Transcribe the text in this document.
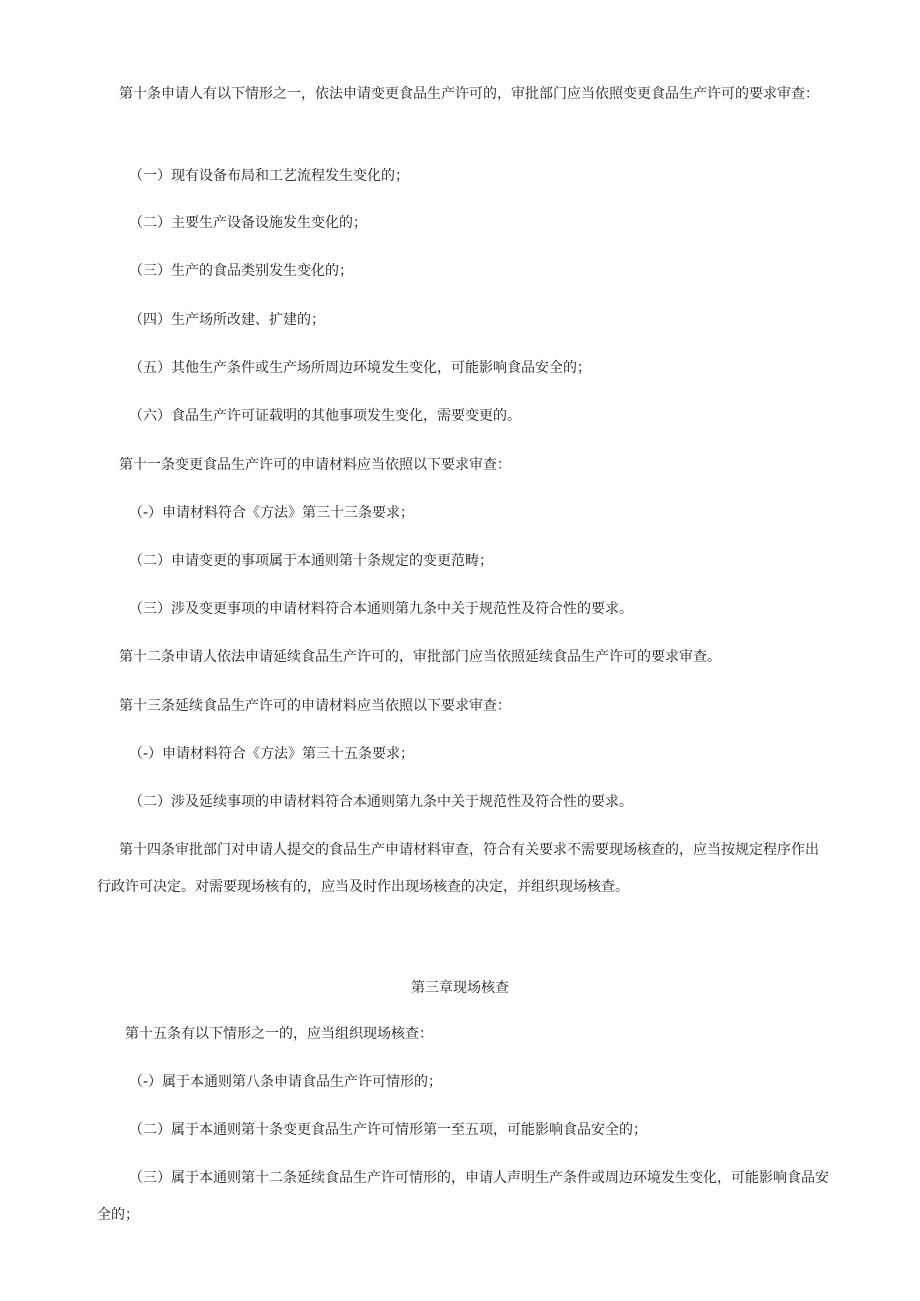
第十条申请人有以下情形之一，依法申请变更食品生产许可的，审批部门应当依照变更食品生产许可的要求审查：

（一）现有设备布局和工艺流程发生变化的；

（二）主要生产设备设施发生变化的；

（三）生产的食品类别发生变化的；

（四）生产场所改建、扩建的；

（五）其他生产条件或生产场所周边环境发生变化，可能影响食品安全的；

（六）食品生产许可证载明的其他事项发生变化，需要变更的。

第十一条变更食品生产许可的申请材料应当依照以下要求审查：

（-）申请材料符合《方法》第三十三条要求；

（二）申请变更的事项属于本通则第十条规定的变更范畴；

（三）涉及变更事项的申请材料符合本通则第九条中关于规范性及符合性的要求。

第十二条申请人依法申请延续食品生产许可的，审批部门应当依照延续食品生产许可的要求审查。

第十三条延续食品生产许可的申请材料应当依照以下要求审查：

（-）申请材料符合《方法》第三十五条要求；

（二）涉及延续事项的申请材料符合本通则第九条中关于规范性及符合性的要求。

第十四条审批部门对申请人提交的食品生产申请材料审查，符合有关要求不需要现场核查的，应当按规定程序作出行政许可决定。对需要现场核有的，应当及时作出现场核查的决定，并组织现场核查。

第三章现场核查

第十五条有以下情形之一的，应当组织现场核查：

（-）属于本通则第八条申请食品生产许可情形的；

（二）属于本通则第十条变更食品生产许可情形第一至五项，可能影响食品安全的；

（三）属于本通则第十二条延续食品生产许可情形的，申请人声明生产条件或周边环境发生变化，可能影响食品安全的；
